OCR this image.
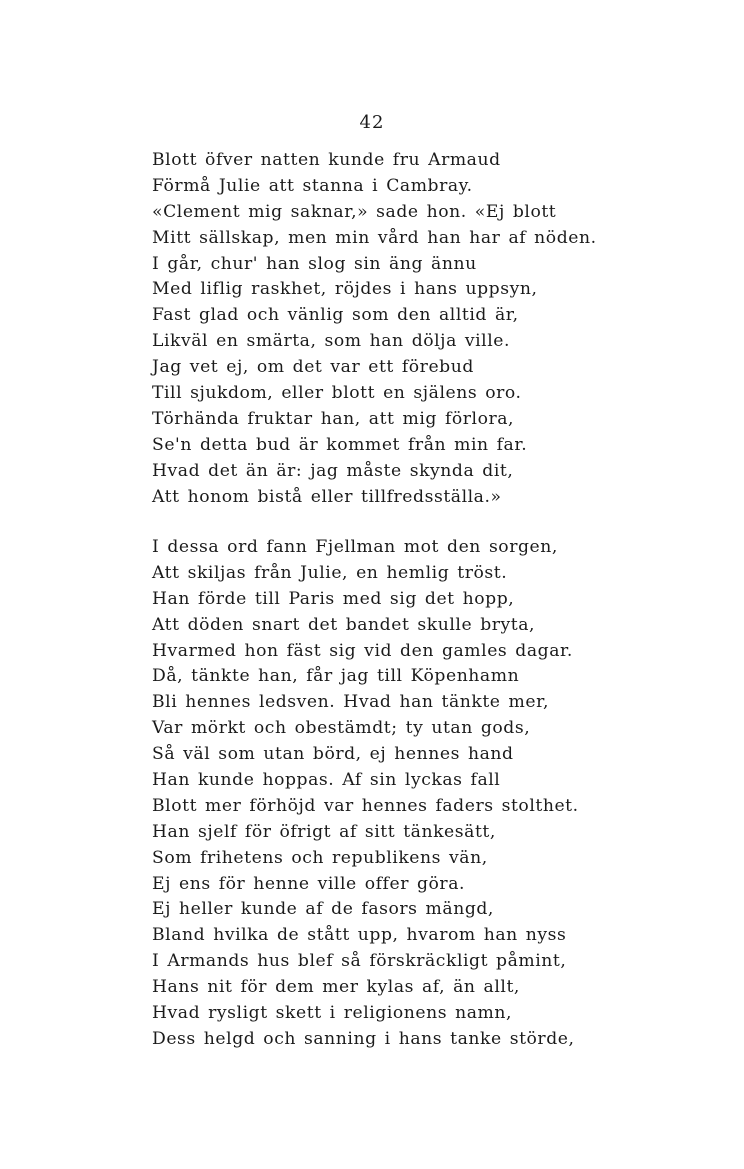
42
Blott öfver natten kunde fru Armaud
Förmå Julie att stanna i Cambray.
«Clement mig saknar,» sade hon. «Ej blott
Mitt sällskap, men min vård han har af nöden.
I går, chur' han slog sin äng ännu
Med liflig raskhet, röjdes i hans uppsyn,
Fast glad och vänlig som den alltid är,
Likväl en smärta, som han dölja ville.
Jag vet ej, om det var ett förebud
Till sjukdom, eller blott en själens oro.
Törhända fruktar han, att mig förlora,
Se'n detta bud är kommet från min far.
Hvad det än är: jag måste skynda dit,
Att honom bistå eller tillfredsställa.»
I dessa ord fann Fjellman mot den sorgen,
Att skiljas från Julie, en hemlig tröst.
Han förde till Paris med sig det hopp,
Att döden snart det bandet skulle bryta,
Hvarmed hon fäst sig vid den gamles dagar.
Då, tänkte han, får jag till Köpenhamn
Bli hennes ledsven. Hvad han tänkte mer,
Var mörkt och obestämdt; ty utan gods,
Så väl som utan börd, ej hennes hand
Han kunde hoppas. Af sin lyckas fall
Blott mer förhöjd var hennes faders stolthet.
Han sjelf för öfrigt af sitt tänkesätt,
Som frihetens och republikens vän,
Ej ens för henne ville offer göra.
Ej heller kunde af de fasors mängd,
Bland hvilka de stått upp, hvarom han nyss
I Armands hus blef så förskräckligt påmint,
Hans nit för dem mer kylas af, än allt,
Hvad rysligt skett i religionens namn,
Dess helgd och sanning i hans tanke störde,
